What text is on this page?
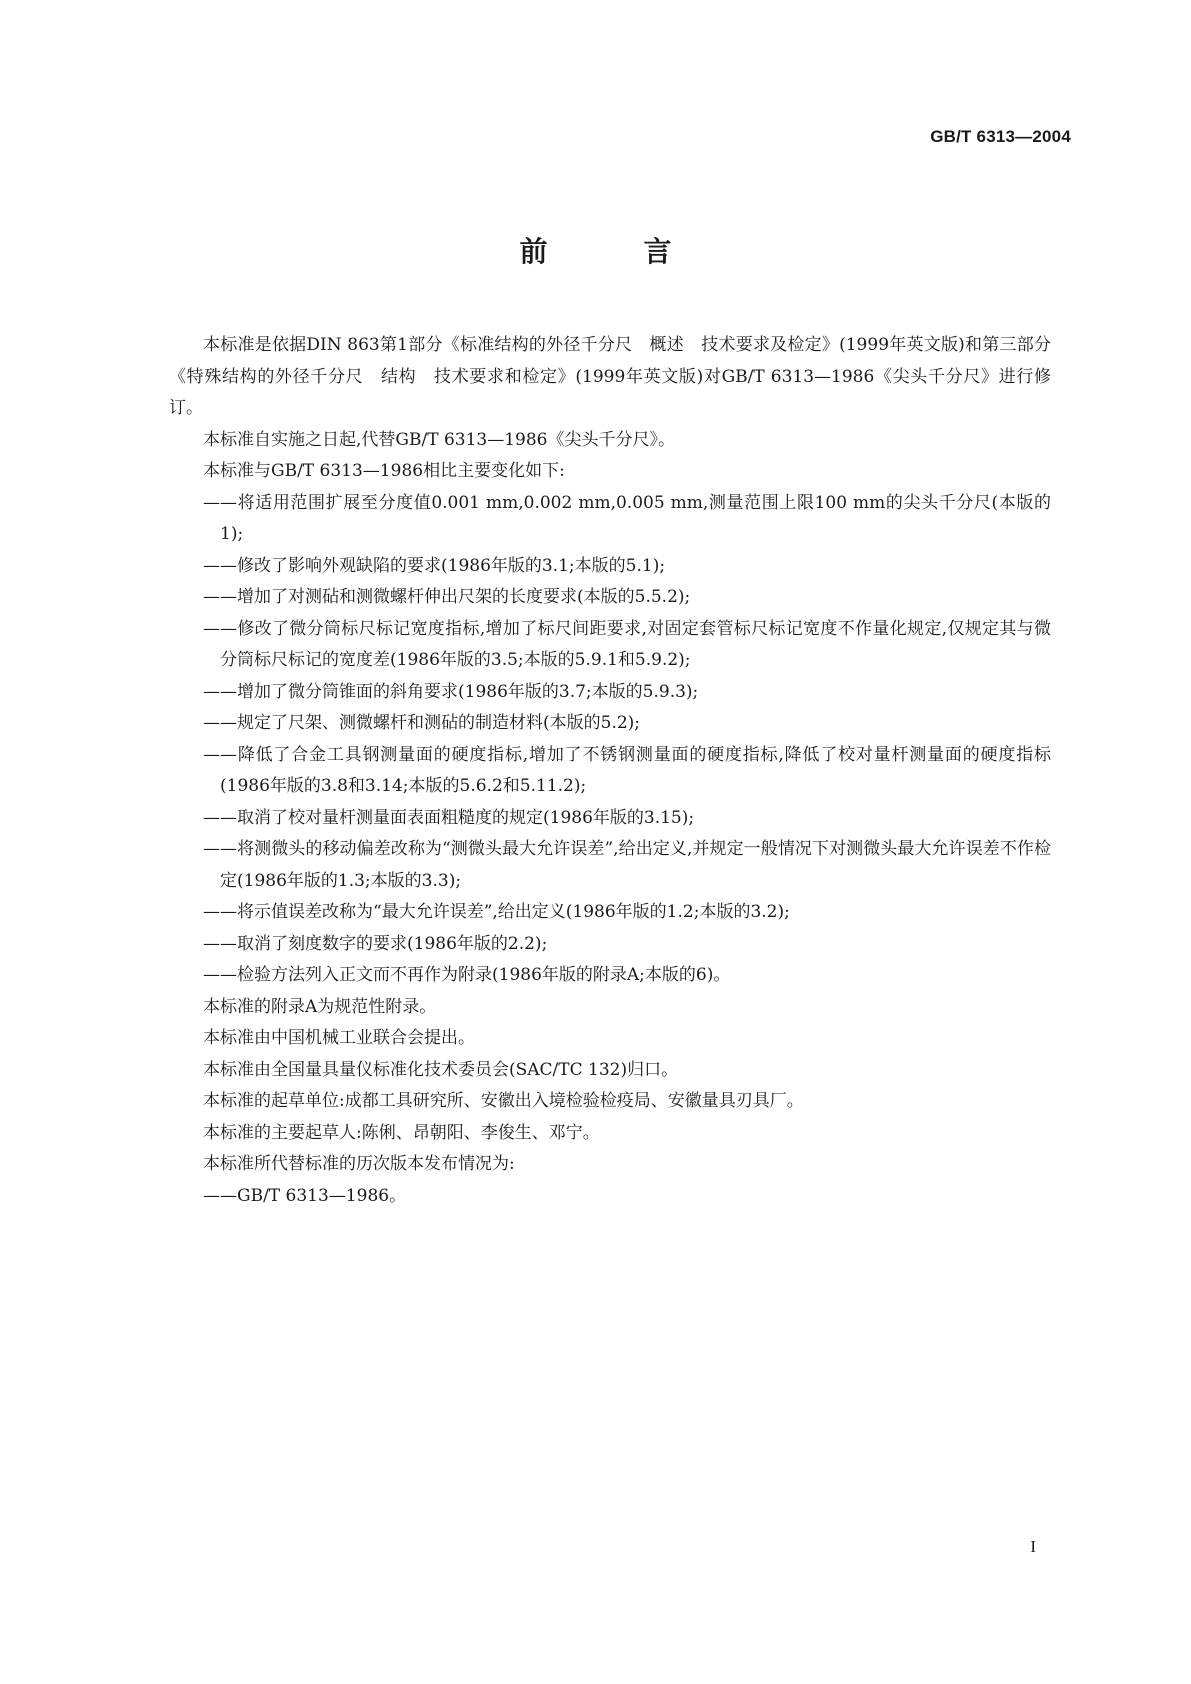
GB/T 6313—2004
前　言

本标准是依据DIN 863第1部分《标准结构的外径千分尺　概述　技术要求及检定》(1999年英文版)和第三部分《特殊结构的外径千分尺　结构　技术要求和检定》(1999年英文版)对GB/T 6313—1986《尖头千分尺》进行修订。

本标准自实施之日起,代替GB/T 6313—1986《尖头千分尺》。

本标准与GB/T 6313—1986相比主要变化如下:

——将适用范围扩展至分度值0.001 mm,0.002 mm,0.005 mm,测量范围上限100 mm的尖头千分尺(本版的1);

——修改了影响外观缺陷的要求(1986年版的3.1;本版的5.1);

——增加了对测砧和测微螺杆伸出尺架的长度要求(本版的5.5.2);

——修改了微分筒标尺标记宽度指标,增加了标尺间距要求,对固定套管标尺标记宽度不作量化规定,仅规定其与微分筒标尺标记的宽度差(1986年版的3.5;本版的5.9.1和5.9.2);

——增加了微分筒锥面的斜角要求(1986年版的3.7;本版的5.9.3);

——规定了尺架、测微螺杆和测砧的制造材料(本版的5.2);

——降低了合金工具钢测量面的硬度指标,增加了不锈钢测量面的硬度指标,降低了校对量杆测量面的硬度指标(1986年版的3.8和3.14;本版的5.6.2和5.11.2);

——取消了校对量杆测量面表面粗糙度的规定(1986年版的3.15);

——将测微头的移动偏差改称为“测微头最大允许误差”,给出定义,并规定一般情况下对测微头最大允许误差不作检定(1986年版的1.3;本版的3.3);

——将示值误差改称为“最大允许误差”,给出定义(1986年版的1.2;本版的3.2);

——取消了刻度数字的要求(1986年版的2.2);

——检验方法列入正文而不再作为附录(1986年版的附录A;本版的6)。

本标准的附录A为规范性附录。

本标准由中国机械工业联合会提出。

本标准由全国量具量仪标准化技术委员会(SAC/TC 132)归口。

本标准的起草单位:成都工具研究所、安徽出入境检验检疫局、安徽量具刃具厂。

本标准的主要起草人:陈俐、昂朝阳、李俊生、邓宁。

本标准所代替标准的历次版本发布情况为:

——GB/T 6313—1986。

I
